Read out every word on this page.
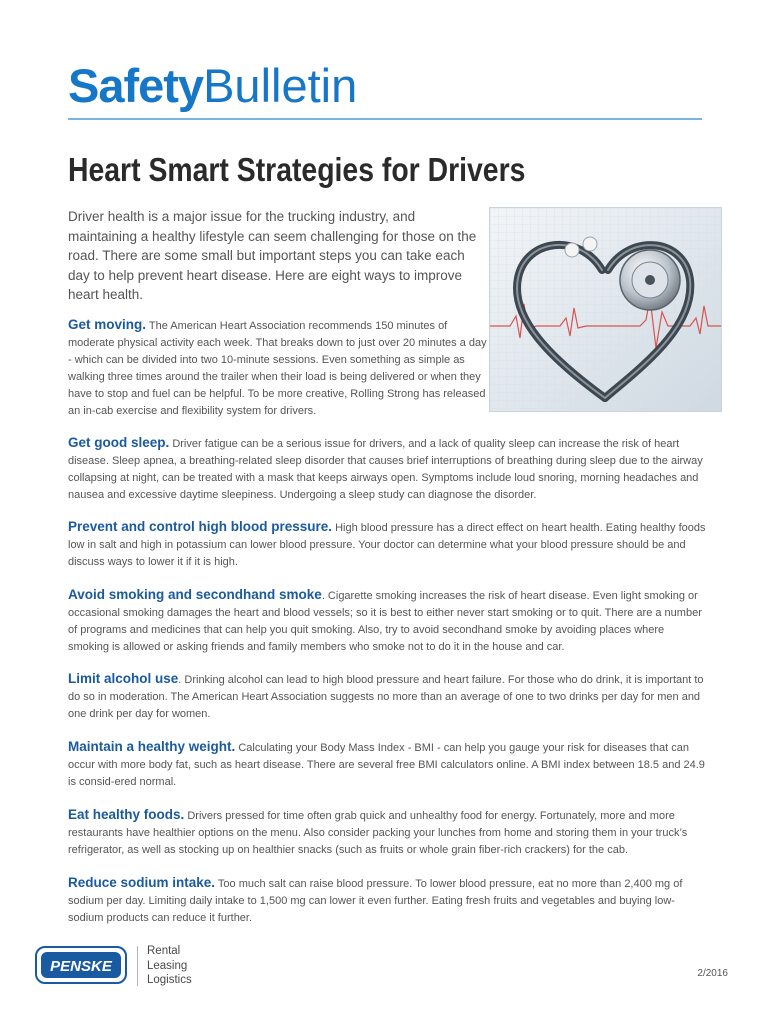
SafetyBulletin
Heart Smart Strategies for Drivers

Driver health is a major issue for the trucking industry, and maintaining a healthy lifestyle can seem challenging for those on the road. There are some small but important steps you can take each day to help prevent heart disease. Here are eight ways to improve heart health.

Get moving. The American Heart Association recommends 150 minutes of moderate physical activity each week. That breaks down to just over 20 minutes a day - which can be divided into two 10-minute sessions. Even something as simple as walking three times around the trailer when their load is being delivered or when they have to stop and fuel can be helpful. To be more creative, Rolling Strong has released an in-cab exercise and flexibility system for drivers.

Get good sleep. Driver fatigue can be a serious issue for drivers, and a lack of quality sleep can increase the risk of heart disease. Sleep apnea, a breathing-related sleep disorder that causes brief interruptions of breathing during sleep due to the airway collapsing at night, can be treated with a mask that keeps airways open. Symptoms include loud snoring, morning headaches and nausea and excessive daytime sleepiness. Undergoing a sleep study can diagnose the disorder.

Prevent and control high blood pressure. High blood pressure has a direct effect on heart health. Eating healthy foods low in salt and high in potassium can lower blood pressure. Your doctor can determine what your blood pressure should be and discuss ways to lower it if it is high.

Avoid smoking and secondhand smoke. Cigarette smoking increases the risk of heart disease. Even light smoking or occasional smoking damages the heart and blood vessels; so it is best to either never start smoking or to quit. There are a number of programs and medicines that can help you quit smoking. Also, try to avoid secondhand smoke by avoiding places where smoking is allowed or asking friends and family members who smoke not to do it in the house and car.

Limit alcohol use. Drinking alcohol can lead to high blood pressure and heart failure. For those who do drink, it is important to do so in moderation. The American Heart Association suggests no more than an average of one to two drinks per day for men and one drink per day for women.

Maintain a healthy weight. Calculating your Body Mass Index - BMI - can help you gauge your risk for diseases that can occur with more body fat, such as heart disease. There are several free BMI calculators online. A BMI index between 18.5 and 24.9 is consid-ered normal.

Eat healthy foods. Drivers pressed for time often grab quick and unhealthy food for energy. Fortunately, more and more restaurants have healthier options on the menu. Also consider packing your lunches from home and storing them in your truck’s refrigerator, as well as stocking up on healthier snacks (such as fruits or whole grain fiber-rich crackers) for the cab.

Reduce sodium intake. Too much salt can raise blood pressure. To lower blood pressure, eat no more than 2,400 mg of sodium per day. Limiting daily intake to 1,500 mg can lower it even further. Eating fresh fruits and vegetables and buying low-sodium products can reduce it further.

PENSKE
Rental
Leasing
Logistics
2/2016
